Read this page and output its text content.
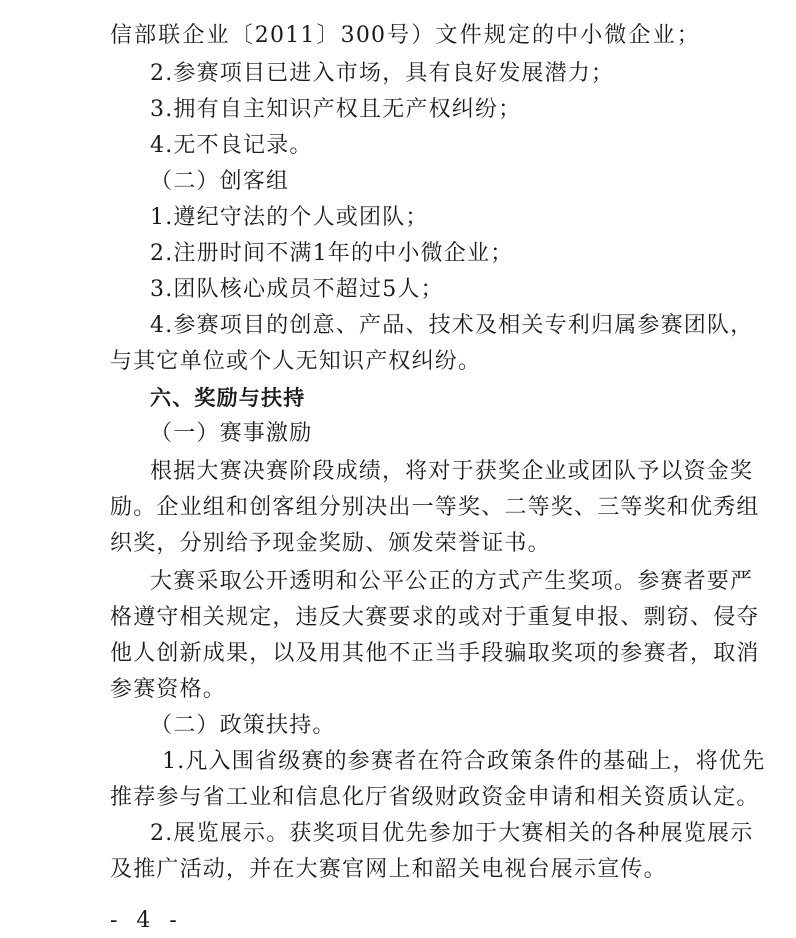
信部联企业〔2011〕300号）文件规定的中小微企业；
2.参赛项目已进入市场，具有良好发展潜力；
3.拥有自主知识产权且无产权纠纷；
4.无不良记录。
（二）创客组
1.遵纪守法的个人或团队；
2.注册时间不满1年的中小微企业；
3.团队核心成员不超过5人；
4.参赛项目的创意、产品、技术及相关专利归属参赛团队，
与其它单位或个人无知识产权纠纷。
六、奖励与扶持
（一）赛事激励
根据大赛决赛阶段成绩，将对于获奖企业或团队予以资金奖
励。企业组和创客组分别决出一等奖、二等奖、三等奖和优秀组
织奖，分别给予现金奖励、颁发荣誉证书。
大赛采取公开透明和公平公正的方式产生奖项。参赛者要严
格遵守相关规定，违反大赛要求的或对于重复申报、剽窃、侵夺
他人创新成果，以及用其他不正当手段骗取奖项的参赛者，取消
参赛资格。
（二）政策扶持。
1.凡入围省级赛的参赛者在符合政策条件的基础上，将优先
推荐参与省工业和信息化厅省级财政资金申请和相关资质认定。
2.展览展示。获奖项目优先参加于大赛相关的各种展览展示
及推广活动，并在大赛官网上和韶关电视台展示宣传。
- 4 -
